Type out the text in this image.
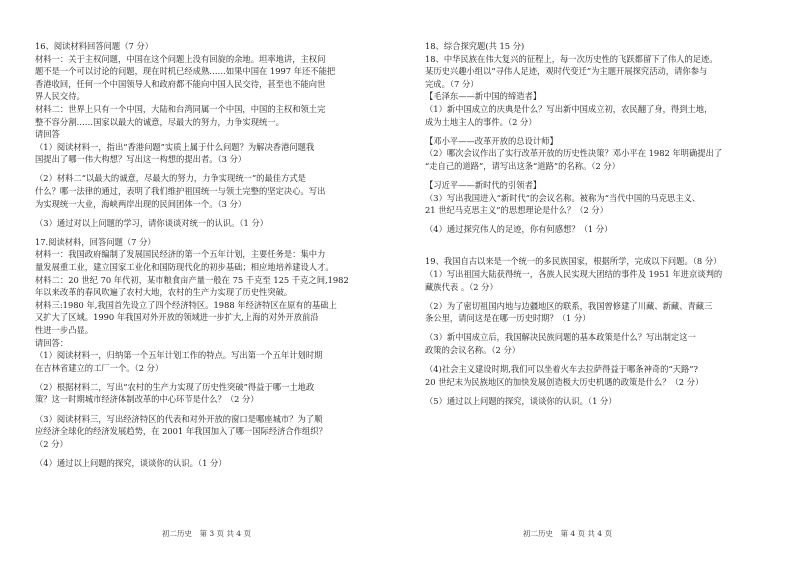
16、阅读材料回答问题（7 分）
材料一：关于主权问题，中国在这个问题上没有回旋的余地。坦率地讲，主权问
题不是一个可以讨论的问题，现在时机已经成熟……如果中国在 1997 年还不能把
香港收回，任何一个中国领导人和政府都不能向中国人民交待，甚至也不能向世
界人民交待。
材料二：世界上只有一个中国，大陆和台湾同属一个中国，中国的主权和领土完
整不容分割……国家以最大的诚意，尽最大的努力，力争实现统一。
请回答
（1）阅读材料一，指出“香港问题”实质上属于什么问题？为解决香港问题我
国提出了哪一伟大构想？写出这一构想的提出者。（3 分）
（2）材料二“以最大的诚意，尽最大的努力，力争实现统一”的最佳方式是
什么？哪一法律的通过，表明了我们维护祖国统一与领土完整的坚定决心。写出
为实现统一大业，海峡两岸出现的民间团体一个。（3 分）
（3）通过对以上问题的学习，请你谈谈对统一的认识。（1 分）
17.阅读材料，回答问题（7 分）
材料一：我国政府编制了发展国民经济的第一个五年计划，主要任务是：集中力
量发展重工业，建立国家工业化和国防现代化的初步基础；相应地培养建设人才。
材料二：20 世纪 70 年代初，某市粮食亩产量一般在 75 千克至 125 千克之间,1982
年以来改革的春风吹遍了农村大地，农村的生产力实现了历史性突破。
材料三:1980 年,我国首先设立了四个经济特区。1988 年经济特区在原有的基础上
又扩大了区域。1990 年我国对外开放的领域进一步扩大,上海的对外开放前沿
性进一步凸显。
请回答：
（1）阅读材料一，归纳第一个五年计划工作的特点。写出第一个五年计划时期
在吉林省建立的工厂一个。（2 分）
（2）根据材料二，写出“农村的生产力实现了历史性突破”得益于哪一土地政
策？这一时期城市经济体制改革的中心环节是什么？（2 分）
（3）阅读材料三，写出经济特区的代表和对外开放的窗口是哪座城市？为了顺
应经济全球化的经济发展趋势，在 2001 年我国加入了哪一国际经济合作组织？
（2 分）
（4）通过以上问题的探究，谈谈你的认识。（1 分）
18、综合探究题(共 15 分)
18、中华民族在伟大复兴的征程上，每一次历史性的飞跃都留下了伟人的足迹。
某历史兴趣小组以“寻伟人足迹，观时代变迁”为主题开展探究活动，请你参与
完成。（7 分）
【毛泽东——新中国的缔造者】
（1）新中国成立的庆典是什么？写出新中国成立初，农民翻了身，得到土地，
成为土地主人的事件。（2 分）
【邓小平——改革开放的总设计师】
（2）哪次会议作出了实行改革开放的历史性决策？邓小平在 1982 年明确提出了
“走自己的道路”，请写出这条“道路”的名称。（2 分）
【习近平——新时代的引领者】
（3）写出我国进入“新时代”的会议名称。被称为“当代中国的马克思主义、
21 世纪马克思主义”的思想理论是什么？（2 分）
（4）通过探究伟人的足迹，你有何感想？（1 分）
19、我国自古以来是一个统一的多民族国家，根据所学，完成以下问题。（8 分）
（1）写出祖国大陆获得统一，各族人民实现大团结的事件及 1951 年进京谈判的
藏族代表 。（2 分）
（2）为了密切祖国内地与边疆地区的联系，我国曾修建了川藏、新藏、青藏三
条公里，请问这是在哪一历史时期？（1 分）
（3）新中国成立后，我国解决民族问题的基本政策是什么？写出制定这一
政策的会议名称。（2 分）
（4)社会主义建设时期,我们可以坐着火车去拉萨得益于哪条神奇的“天路”?
20 世纪末为民族地区的加快发展创造极大历史机遇的政策是什么？（2 分）
（5）通过以上问题的探究，谈谈你的认识。（1 分）
初二历史　第 3 页 共 4 页	初二历史　第 4 页 共 4 页
